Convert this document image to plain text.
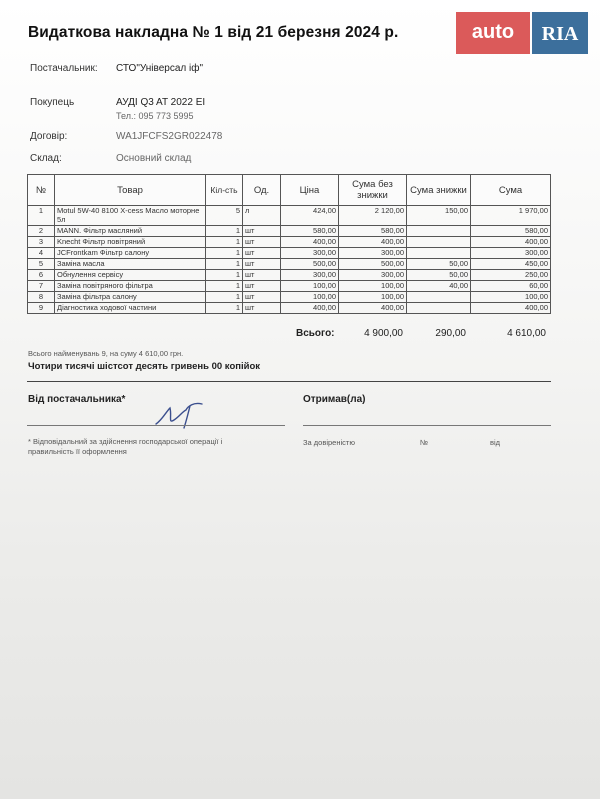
Видаткова накладна № 1 від 21 березня 2024 р.	auto	RIA
Постачальник: СТО"Універсал іф"
Покупець	АУДІ Q3 AT 2022 EI
Тел.: 095 773 5995
Договір:	WA1JFCFS2GR022478
Склад:	Основний склад
№	Товар	Кіл-сть	Од.	Ціна	Сума без знижки	Сума знижки	Сума
1	Motul 5W-40 8100 X-cess Масло моторне 5л	5	л	424,00	2 120,00	150,00	1 970,00
2	MANN. Фільтр масляний	1	шт	580,00	580,00		580,00
3	Knecht Фільтр повітряний	1	шт	400,00	400,00		400,00
4	JCFrontkam Фільтр салону	1	шт	300,00	300,00		300,00
5	Заміна масла	1	шт	500,00	500,00	50,00	450,00
6	Обнулення сервісу	1	шт	300,00	300,00	50,00	250,00
7	Заміна повітряного фільтра	1	шт	100,00	100,00	40,00	60,00
8	Заміна фільтра салону	1	шт	100,00	100,00		100,00
9	Діагностика ходової частини	1	шт	400,00	400,00		400,00
Всього:	4 900,00	290,00	4 610,00
Всього найменувань 9, на суму 4 610,00 грн.
Чотири тисячі шістсот десять гривень 00 копійок
Від постачальника*	Отримав(ла)
* Відповідальний за здійснення господарської операції і правильність її оформлення
За довіреністю	№	від
